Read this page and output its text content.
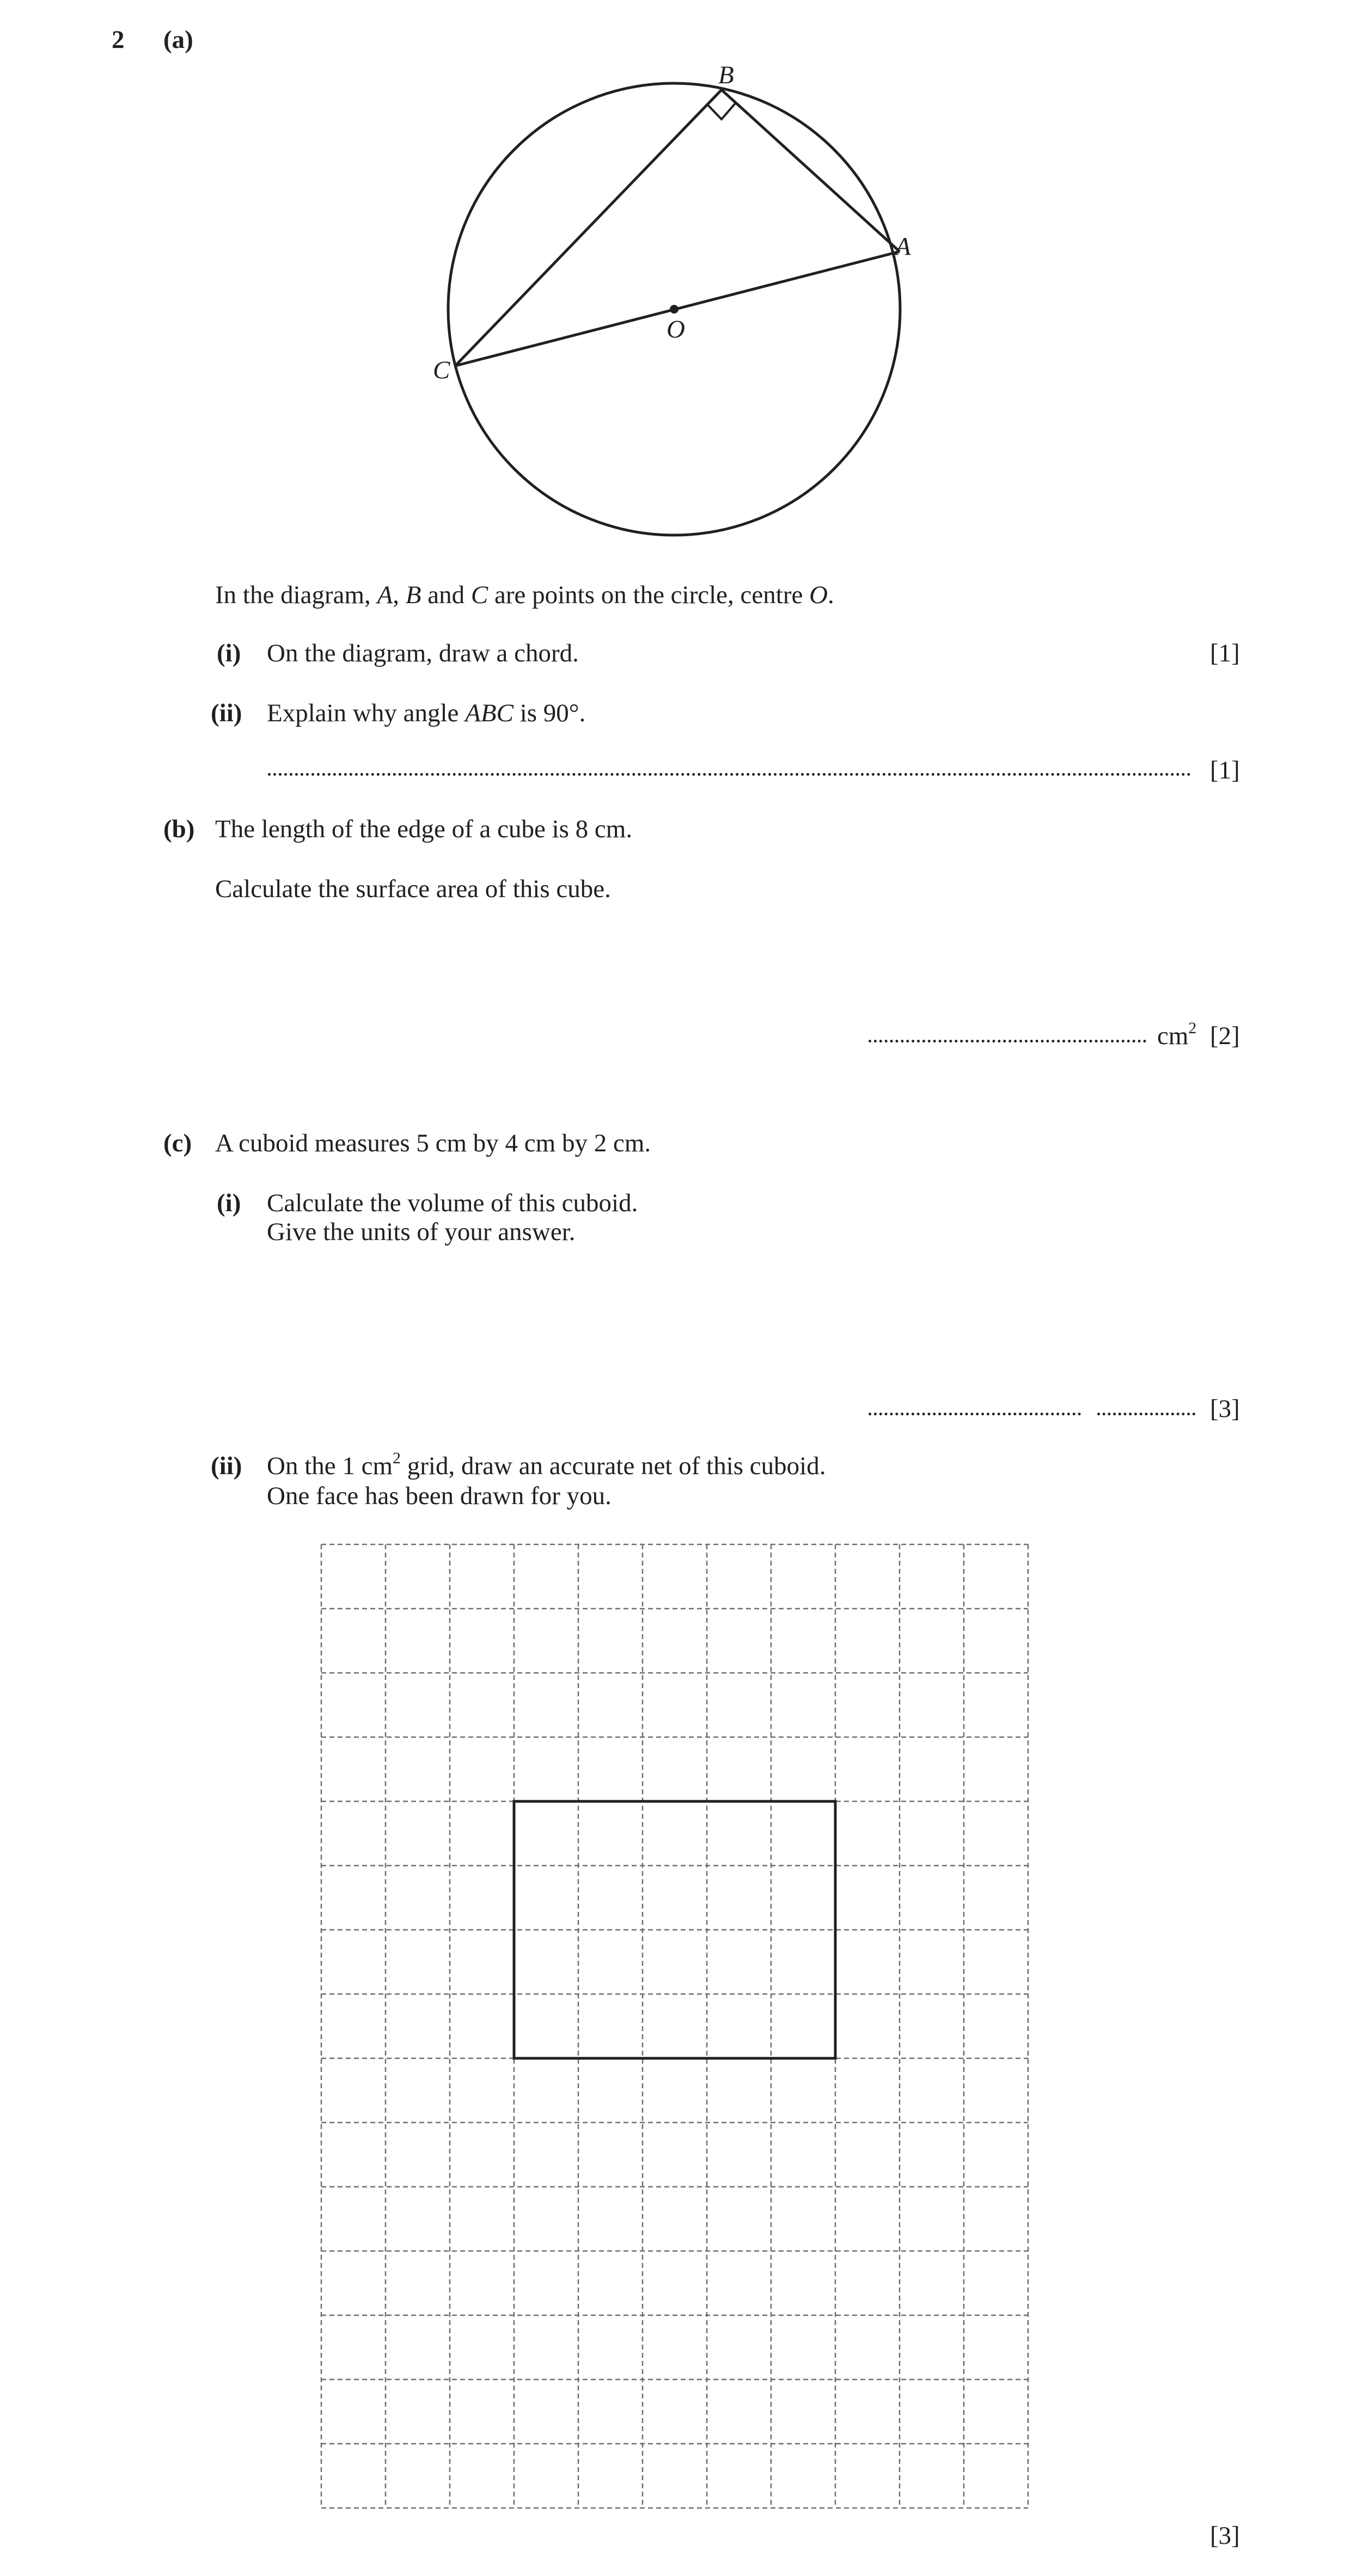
2 (a)
B
A
C
O
In the diagram, A, B and C are points on the circle, centre O.
(i) On the diagram, draw a chord.	[1]
(ii) Explain why angle ABC is 90°.
[1]
(b) The length of the edge of a cube is 8 cm.
Calculate the surface area of this cube.
$cm^2$ [2]
(c) A cuboid measures 5 cm by 4 cm by 2 cm.
(i) Calculate the volume of this cuboid.
Give the units of your answer.
[3]
(ii) On the 1 $cm^2$ grid, draw an accurate net of this cuboid.
One face has been drawn for you.
[3]
